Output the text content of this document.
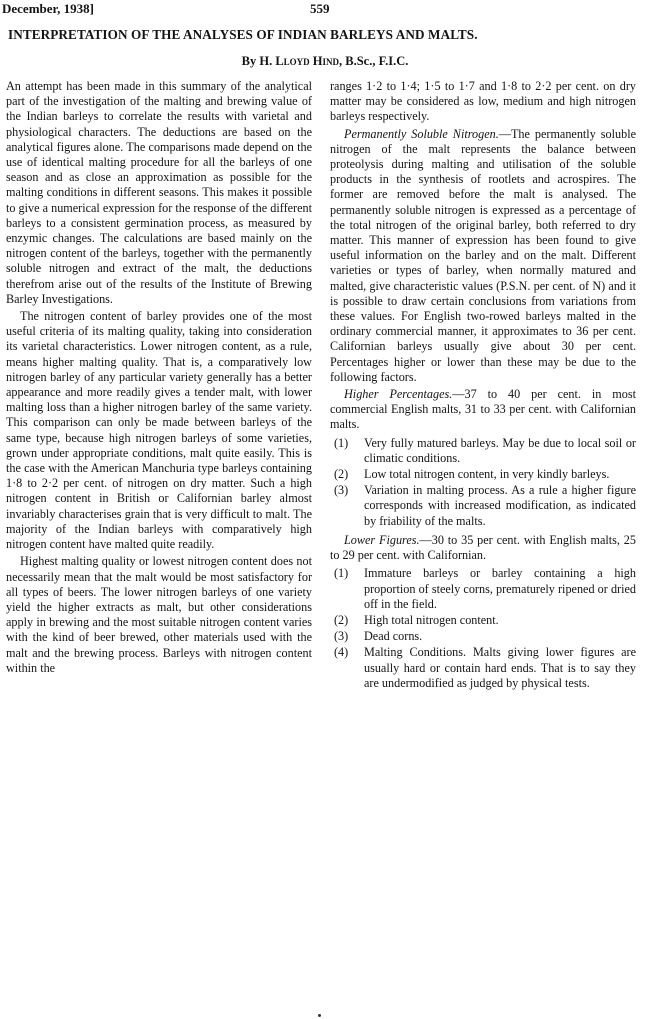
December, 1938]	559
INTERPRETATION OF THE ANALYSES OF INDIAN BARLEYS AND MALTS.
By H. Lloyd Hind, B.Sc., F.I.C.

An attempt has been made in this summary of the analytical part of the investigation of the malting and brewing value of the Indian barleys to correlate the results with varietal and physiological characters. The deductions are based on the analytical figures alone. The comparisons made depend on the use of identical malting procedure for all the barleys of one season and as close an approximation as possible for the malting conditions in different seasons. This makes it possible to give a numerical expression for the response of the different barleys to a consistent germination process, as measured by enzymic changes. The calculations are based mainly on the nitrogen content of the barleys, together with the permanently soluble nitrogen and extract of the malt, the deductions therefrom arise out of the results of the Institute of Brewing Barley Investigations.

The nitrogen content of barley provides one of the most useful criteria of its malting quality, taking into consideration its varietal characteristics. Lower nitrogen content, as a rule, means higher malting quality. That is, a comparatively low nitrogen barley of any particular variety generally has a better appearance and more readily gives a tender malt, with lower malting loss than a higher nitrogen barley of the same variety. This comparison can only be made between barleys of the same type, because high nitrogen barleys of some varieties, grown under appropriate conditions, malt quite easily. This is the case with the American Manchuria type barleys containing 1·8 to 2·2 per cent. of nitrogen on dry matter. Such a high nitrogen content in British or Californian barley almost invariably characterises grain that is very difficult to malt. The majority of the Indian barleys with comparatively high nitrogen content have malted quite readily.

Highest malting quality or lowest nitrogen content does not necessarily mean that the malt would be most satisfactory for all types of beers. The lower nitrogen barleys of one variety yield the higher extracts as malt, but other considerations apply in brewing and the most suitable nitrogen content varies with the kind of beer brewed, other materials used with the malt and the brewing process. Barleys with nitrogen content within the

ranges 1·2 to 1·4; 1·5 to 1·7 and 1·8 to 2·2 per cent. on dry matter may be considered as low, medium and high nitrogen barleys respectively.

Permanently Soluble Nitrogen.—The permanently soluble nitrogen of the malt represents the balance between proteolysis during malting and utilisation of the soluble products in the synthesis of rootlets and acrospires. The former are removed before the malt is analysed. The permanently soluble nitrogen is expressed as a percentage of the total nitrogen of the original barley, both referred to dry matter. This manner of expression has been found to give useful information on the barley and on the malt. Different varieties or types of barley, when normally matured and malted, give characteristic values (P.S.N. per cent. of N) and it is possible to draw certain conclusions from variations from these values. For English two-rowed barleys malted in the ordinary commercial manner, it approximates to 36 per cent. Californian barleys usually give about 30 per cent. Percentages higher or lower than these may be due to the following factors.

Higher Percentages.—37 to 40 per cent. in most commercial English malts, 31 to 33 per cent. with Californian malts.

(1) Very fully matured barleys. May be due to local soil or climatic conditions.
(2) Low total nitrogen content, in very kindly barleys.
(3) Variation in malting process. As a rule a higher figure corresponds with increased modification, as indicated by friability of the malts.

Lower Figures.—30 to 35 per cent. with English malts, 25 to 29 per cent. with Californian.

(1) Immature barleys or barley containing a high proportion of steely corns, prematurely ripened or dried off in the field.
(2) High total nitrogen content.
(3) Dead corns.
(4) Malting Conditions. Malts giving lower figures are usually hard or contain hard ends. That is to say they are undermodified as judged by physical tests.
